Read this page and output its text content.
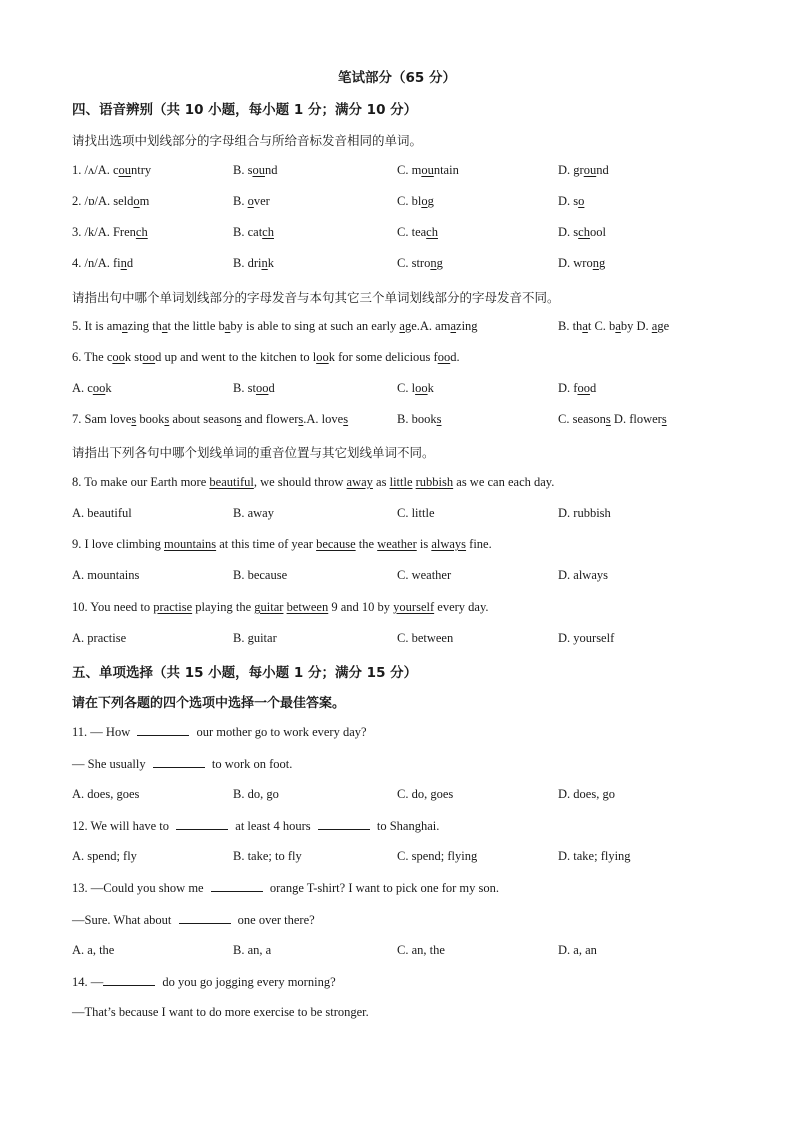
笔试部分（65 分）
四、语音辨别（共 10 小题，每小题 1 分；满分 10 分）
请找出选项中划线部分的字母组合与所给音标发音相同的单词。
1. /ʌ/A. country	B. sound	C. mountain	D. ground
2. /ɒ/A. seldom	B. over	C. blog	D. so
3. /k/A. French	B. catch	C. teach	D. school
4. /n/A. find	B. drink	C. strong	D. wrong
请指出句中哪个单词划线部分的字母发音与本句其它三个单词划线部分的字母发音不同。
5. It is amazing that the little baby is able to sing at such an early age.A. amazing	B. that C. baby D. age
6. The cook stood up and went to the kitchen to look for some delicious food.
A. cook	B. stood	C. look	D. food
7. Sam loves books about seasons and flowers.A. loves	B. books	C. seasons D. flowers
请指出下列各句中哪个划线单词的重音位置与其它划线单词不同。
8. To make our Earth more beautiful, we should throw away as little rubbish as we can each day.
A. beautiful	B. away	C. little	D. rubbish
9. I love climbing mountains at this time of year because the weather is always fine.
A. mountains	B. because	C. weather	D. always
10. You need to practise playing the guitar between 9 and 10 by yourself every day.
A. practise	B. guitar	C. between	D. yourself
五、单项选择（共 15 小题，每小题 1 分；满分 15 分）
请在下列各题的四个选项中选择一个最佳答案。
11. — How	our mother go to work every day?
— She usually	to work on foot.
A. does, goes	B. do, go	C. do, goes	D. does, go
12. We will have to	at least 4 hours	to Shanghai.
A. spend; fly	B. take; to fly	C. spend; flying	D. take; flying
13. —Could you show me	orange T-shirt? I want to pick one for my son.
—Sure. What about	one over there?
A. a, the	B. an, a	C. an, the	D. a, an
14. —	do you go jogging every morning?
—That’s because I want to do more exercise to be stronger.
